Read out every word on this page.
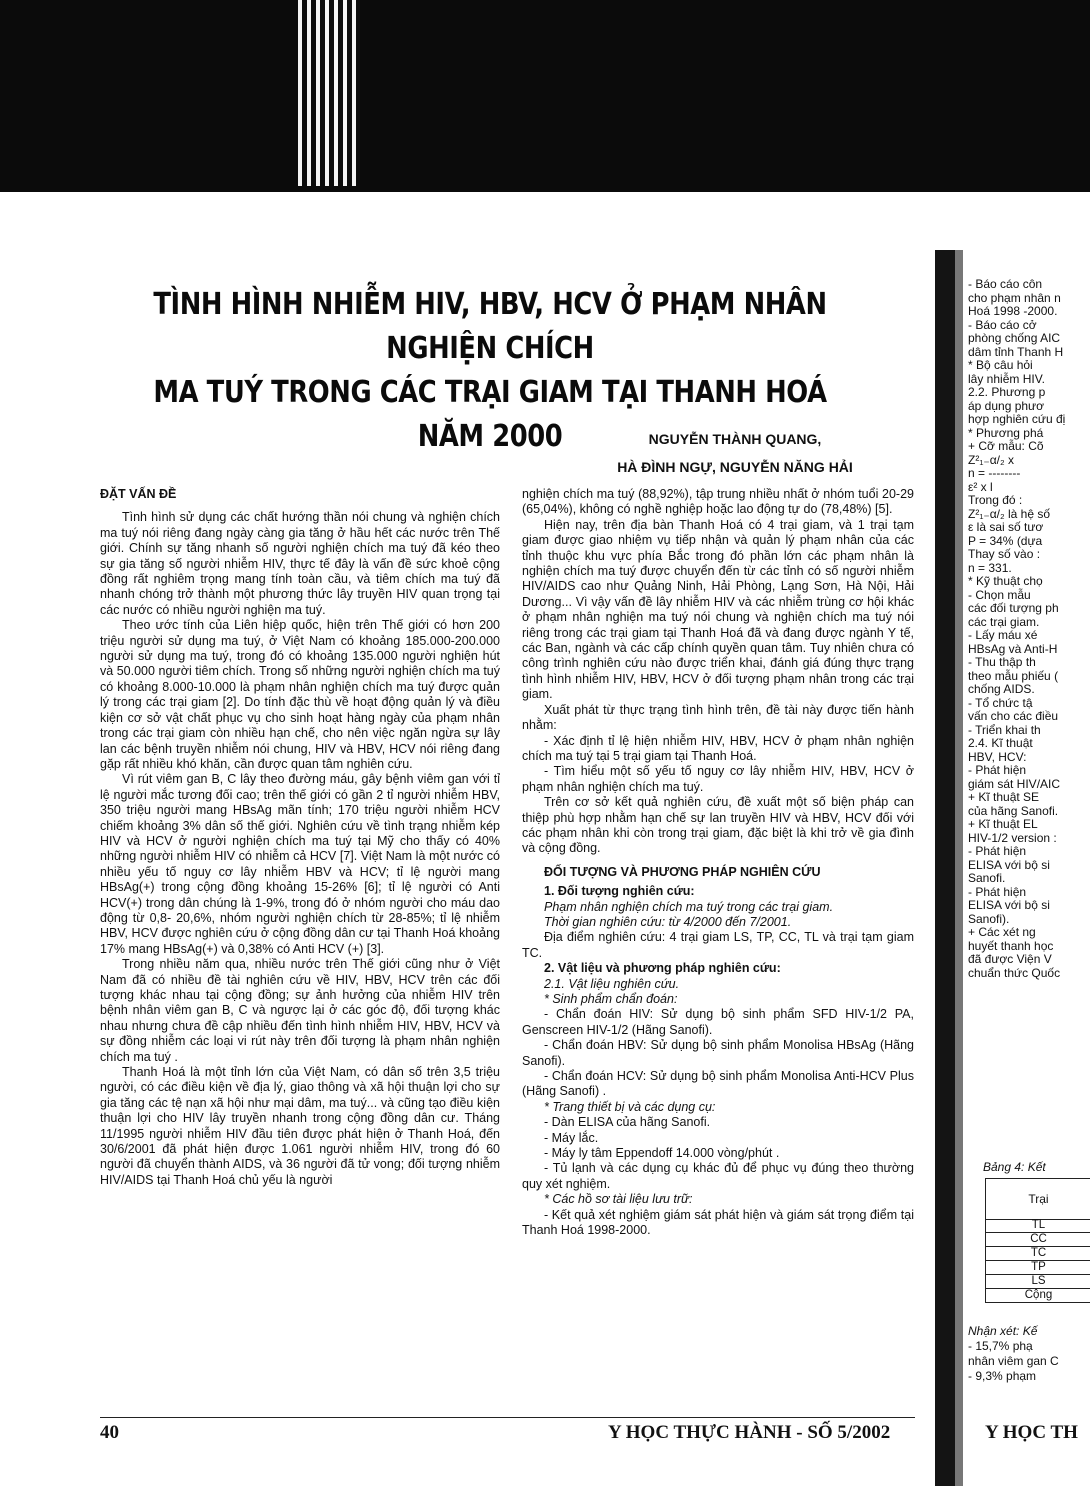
TÌNH HÌNH NHIỄM HIV, HBV, HCV Ở PHẠM NHÂN NGHIỆN CHÍCH
MA TUÝ TRONG CÁC TRẠI GIAM TẠI THANH HOÁ NĂM 2000	NGUYỄN THÀNH QUANG,
HÀ ĐÌNH NGỰ, NGUYỄN NĂNG HẢI
ĐẶT VẤN ĐỀ

Tình hình sử dụng các chất hướng thần nói chung và nghiện chích ma tuý nói riêng đang ngày càng gia tăng ở hầu hết các nước trên Thế giới. Chính sự tăng nhanh số người nghiện chích ma tuý đã kéo theo sự gia tăng số người nhiễm HIV, thực tế đây là vấn đề sức khoẻ cộng đồng rất nghiêm trọng mang tính toàn cầu, và tiêm chích ma tuý đã nhanh chóng trở thành một phương thức lây truyền HIV quan trọng tại các nước có nhiều người nghiện ma tuý.

Theo ước tính của Liên hiệp quốc, hiện trên Thế giới có hơn 200 triệu người sử dụng ma tuý, ở Việt Nam có khoảng 185.000-200.000 người sử dụng ma tuý, trong đó có khoảng 135.000 người nghiện hút và 50.000 người tiêm chích. Trong số những người nghiện chích ma tuý có khoảng 8.000-10.000 là phạm nhân nghiện chích ma tuý được quản lý trong các trại giam [2]. Do tính đặc thù về hoạt động quản lý và điều kiện cơ sở vật chất phục vụ cho sinh hoạt hàng ngày của phạm nhân trong các trại giam còn nhiều hạn chế, cho nên việc ngăn ngừa sự lây lan các bệnh truyền nhiễm nói chung, HIV và HBV, HCV nói riêng đang gặp rất nhiều khó khăn, cần được quan tâm nghiên cứu.

Vì rút viêm gan B, C lây theo đường máu, gây bệnh viêm gan với tỉ lệ người mắc tương đối cao; trên thế giới có gần 2 tỉ người nhiễm HBV, 350 triệu người mang HBsAg mãn tính; 170 triệu người nhiễm HCV chiếm khoảng 3% dân số thế giới. Nghiên cứu về tình trạng nhiễm kép HIV và HCV ở người nghiện chích ma tuý tại Mỹ cho thấy có 40% những người nhiễm HIV có nhiễm cả HCV [7]. Việt Nam là một nước có nhiều yếu tố nguy cơ lây nhiễm HBV và HCV; tỉ lệ người mang HBsAg(+) trong cộng đồng khoảng 15-26% [6]; tỉ lệ người có Anti HCV(+) trong dân chúng là 1-9%, trong đó ở nhóm người cho máu dao động từ 0,8- 20,6%, nhóm người nghiện chích từ 28-85%; tỉ lệ nhiễm HBV, HCV được nghiên cứu ở cộng đồng dân cư tại Thanh Hoá khoảng 17% mang HBsAg(+) và 0,38% có Anti HCV (+) [3].

Trong nhiều năm qua, nhiều nước trên Thế giới cũng như ở Việt Nam đã có nhiều đề tài nghiên cứu về HIV, HBV, HCV trên các đối tượng khác nhau tại cộng đồng; sự ảnh hưởng của nhiễm HIV trên bệnh nhân viêm gan B, C và ngược lại ở các góc độ, đối tượng khác nhau nhưng chưa đề cập nhiều đến tình hình nhiễm HIV, HBV, HCV và sự đồng nhiễm các loại vi rút này trên đối tượng là phạm nhân nghiện chích ma tuý .

Thanh Hoá là một tỉnh lớn của Việt Nam, có dân số trên 3,5 triệu người, có các điều kiện về địa lý, giao thông và xã hội thuận lợi cho sự gia tăng các tệ nạn xã hội như mại dâm, ma tuý... và cũng tạo điều kiện thuận lợi cho HIV lây truyền nhanh trong cộng đồng dân cư. Tháng 11/1995 người nhiễm HIV đầu tiên được phát hiện ở Thanh Hoá, đến 30/6/2001 đã phát hiện được 1.061 người nhiễm HIV, trong đó 60 người đã chuyển thành AIDS, và 36 người đã tử vong; đối tượng nhiễm HIV/AIDS tại Thanh Hoá chủ yếu là người

nghiện chích ma tuý (88,92%), tập trung nhiều nhất ở nhóm tuổi 20-29 (65,04%), không có nghề nghiệp hoặc lao động tự do (78,48%) [5].

Hiện nay, trên địa bàn Thanh Hoá có 4 trại giam, và 1 trại tạm giam được giao nhiệm vụ tiếp nhận và quản lý phạm nhân của các tỉnh thuộc khu vực phía Bắc trong đó phần lớn các phạm nhân là nghiện chích ma tuý được chuyển đến từ các tỉnh có số người nhiễm HIV/AIDS cao như Quảng Ninh, Hải Phòng, Lạng Sơn, Hà Nội, Hải Dương... Vì vậy vấn đề lây nhiễm HIV và các nhiễm trùng cơ hội khác ở phạm nhân nghiện ma tuý nói chung và nghiện chích ma tuý nói riêng trong các trại giam tại Thanh Hoá đã và đang được ngành Y tế, các Ban, ngành và các cấp chính quyền quan tâm. Tuy nhiên chưa có công trình nghiên cứu nào được triển khai, đánh giá đúng thực trạng tình hình nhiễm HIV, HBV, HCV ở đối tượng phạm nhân trong các trại giam.

Xuất phát từ thực trạng tình hình trên, đề tài này được tiến hành nhằm:

- Xác định tỉ lệ hiện nhiễm HIV, HBV, HCV ở phạm nhân nghiện chích ma tuý tại 5 trại giam tại Thanh Hoá.

- Tìm hiểu một số yếu tố nguy cơ lây nhiễm HIV, HBV, HCV ở phạm nhân nghiện chích ma tuý.

Trên cơ sở kết quả nghiên cứu, đề xuất một số biện pháp can thiệp phù hợp nhằm hạn chế sự lan truyền HIV và HBV, HCV đối với các phạm nhân khi còn trong trại giam, đặc biệt là khi trở về gia đình và cộng đồng.

ĐỐI TƯỢNG VÀ PHƯƠNG PHÁP NGHIÊN CỨU

1. Đối tượng nghiên cứu:

Phạm nhân nghiện chích ma tuý trong các trại giam.

Thời gian nghiên cứu: từ 4/2000 đến 7/2001.

Địa điểm nghiên cứu: 4 trại giam LS, TP, CC, TL và trại tạm giam TC.

2. Vật liệu và phương pháp nghiên cứu:

2.1. Vật liệu nghiên cứu.

* Sinh phẩm chẩn đoán:

- Chẩn đoán HIV: Sử dụng bộ sinh phẩm SFD HIV-1/2 PA, Genscreen HIV-1/2 (Hãng Sanofi).

- Chẩn đoán HBV: Sử dụng bộ sinh phẩm Monolisa HBsAg (Hãng Sanofi).

- Chẩn đoán HCV: Sử dụng bộ sinh phẩm Monolisa Anti-HCV Plus (Hãng Sanofi) .

* Trang thiết bị và các dụng cụ:

- Dàn ELISA của hãng Sanofi.

- Máy lắc.

- Máy ly tâm Eppendoff 14.000 vòng/phút .

- Tủ lạnh và các dụng cụ khác đủ để phục vụ đúng theo thường quy xét nghiệm.

* Các hồ sơ tài liệu lưu trữ:

- Kết quả xét nghiệm giám sát phát hiện và giám sát trọng điểm tại Thanh Hoá 1998-2000.

- Báo cáo côn
cho phạm nhân n
Hoá 1998 -2000.
- Báo cáo cở
phòng chống AIC
dâm tỉnh Thanh H
* Bộ câu hỏi
lây nhiễm HIV.
2.2. Phương p
áp dụng phươ
hợp nghiên cứu đị
* Phương phá
+ Cỡ mẫu: Cõ
Z²₁₋α/₂ x
n = --------
ε² x l
Trong đó :
Z²₁₋α/₂ là hệ số
ε là sai số tươ
P = 34% (dựa
Thay số vào :
n = 331.
* Kỹ thuật chọ
- Chọn mẫu
các đối tượng ph
các trại giam.
- Lấy máu xé
HBsAg và Anti-H
- Thu thập th
theo mẫu phiếu (
chống AIDS.
- Tổ chức tậ
vấn cho các điều
- Triển khai th
2.4. Kĩ thuật
HBV, HCV:
- Phát hiện
giám sát HIV/AIC
+ Kĩ thuật SE
của hãng Sanofi.
+ Kĩ thuật EL
HIV-1/2 version :
- Phát hiện
ELISA với bộ si
Sanofi.
- Phát hiện
ELISA với bộ si
Sanofi).
+ Các xét ng
huyết thanh học
đã được Viện V
chuẩn thức Quốc
Bảng 4: Kết
Trại
TL
CC
TC
TP
LS
Cộng
Nhận xét: Kế
- 15,7% phạ
nhân viêm gan C
- 9,3% phạm
40	Y HỌC THỰC HÀNH - SỐ 5/2002	Y HỌC TH
